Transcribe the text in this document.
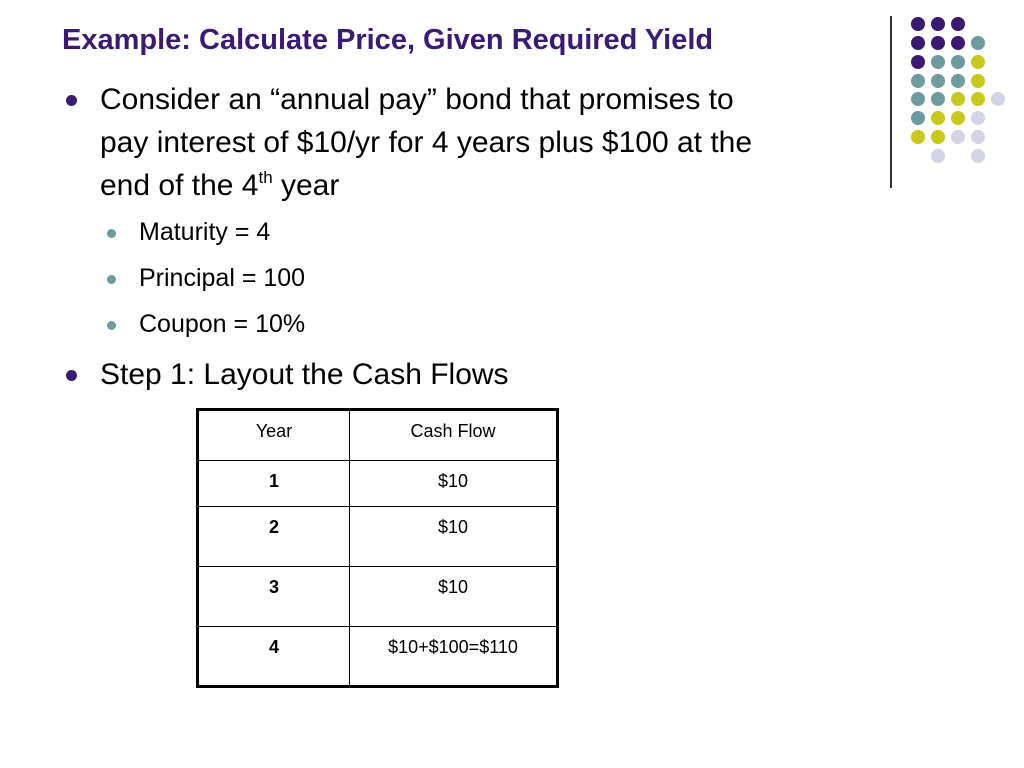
Example: Calculate Price, Given Required Yield
Consider an “annual pay” bond that promises to
pay interest of $10/yr for 4 years plus $100 at the
end of the 4th year
Maturity = 4
Principal = 100
Coupon = 10%
Step 1: Layout the Cash Flows
Year	Cash Flow
1	$10
2	$10
3	$10
4	$10+$100=$110
